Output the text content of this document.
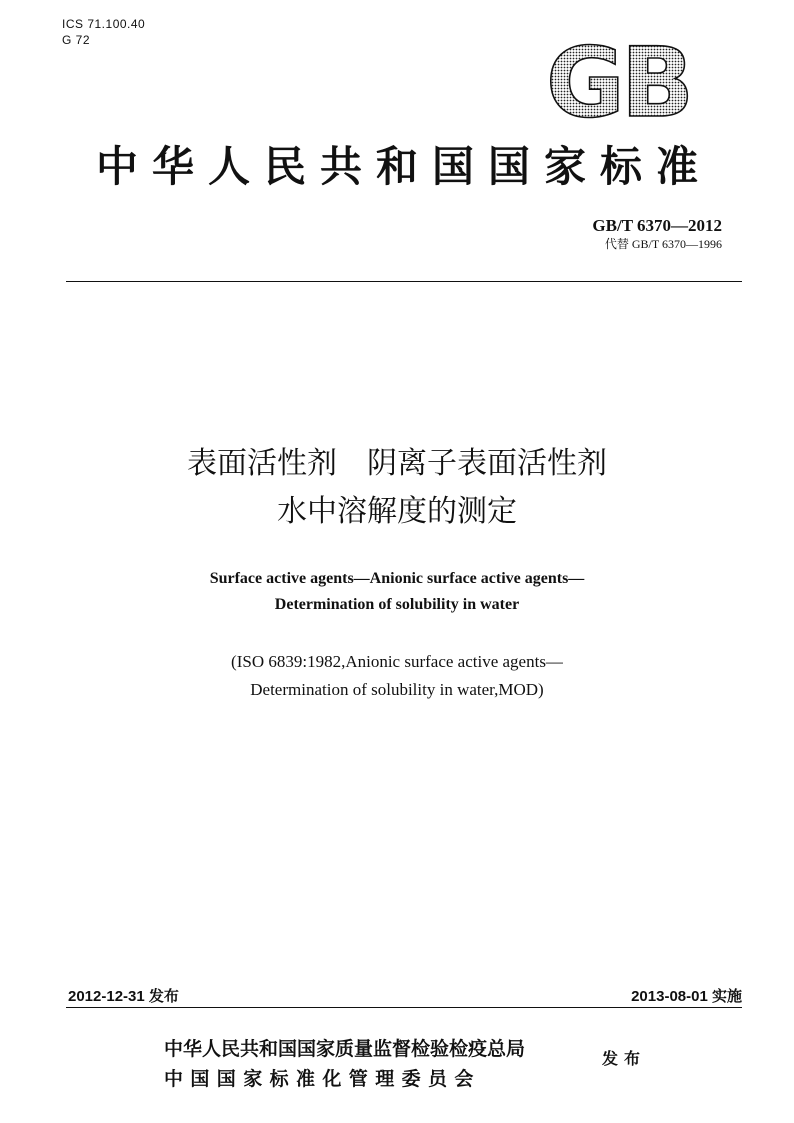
ICS 71.100.40
G 72	GB
中华人民共和国国家标准
GB/T 6370—2012
代替 GB/T 6370—1996
表面活性剂　阴离子表面活性剂
水中溶解度的测定
Surface active agents—Anionic surface active agents—
Determination of solubility in water
(ISO 6839:1982,Anionic surface active agents—
Determination of solubility in water,MOD)
2012-12-31 发布	2013-08-01 实施
中华人民共和国国家质量监督检验检疫总局
中国国家标准化管理委员会
发布
